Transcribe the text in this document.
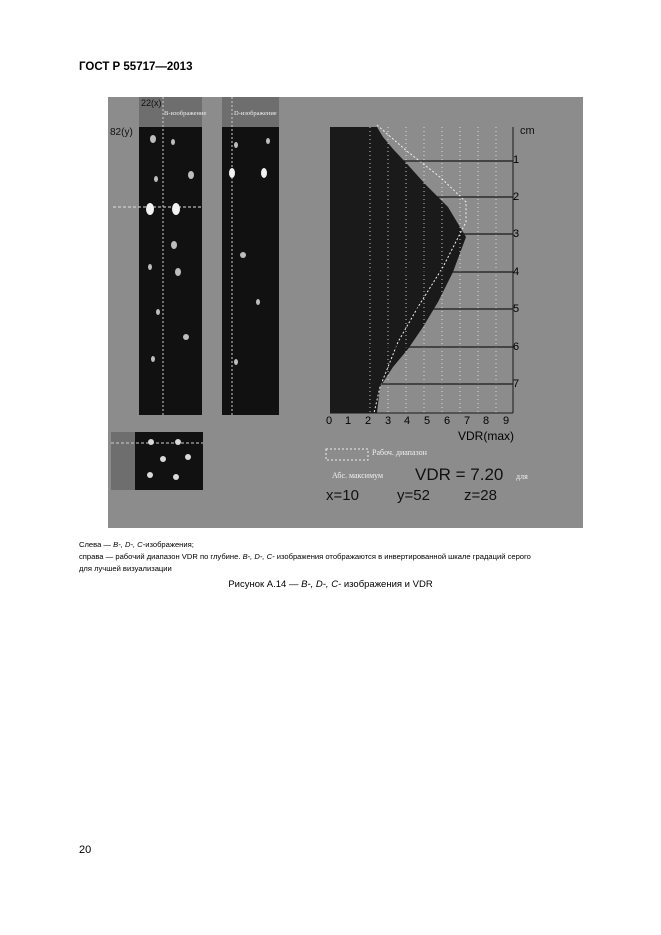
ГОСТ Р 55717—2013
22(x)
В-изображение	D-изображение
82(y)	cm
1
2
3
4
5
6
7
0 1 2 3 4 5 6 7 8 9
VDR(max)
Рабоч. диапазон
Абс. максимум VDR = 7.20 для
x=10	y=52 z=28
Слева — В-, D-, С-изображения;
справа — рабочий диапазон VDR по глубине. В-, D-, С- изображения отображаются в инвертированной шкале градаций серого
для лучшей визуализации
Рисунок А.14 — В-, D-, С- изображения и VDR
20
